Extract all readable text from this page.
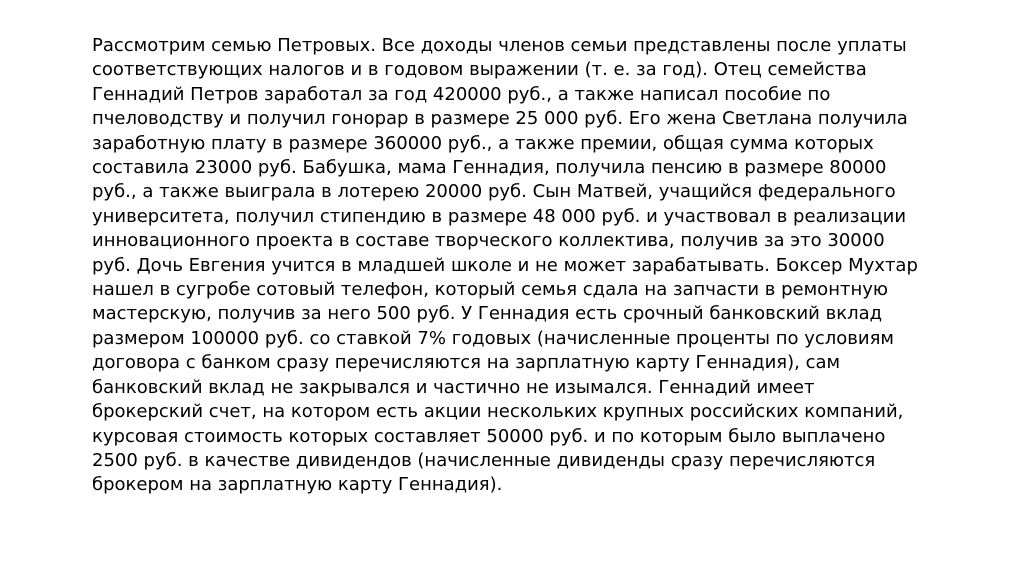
Рассмотрим семью Петровых. Все доходы членов семьи представлены после уплаты
соответствующих налогов и в годовом выражении (т. е. за год). Отец семейства
Геннадий Петров заработал за год 420000 руб., а также написал пособие по
пчеловодству и получил гонорар в размере 25 000 руб. Его жена Светлана получила
заработную плату в размере 360000 руб., а также премии, общая сумма которых
составила 23000 руб. Бабушка, мама Геннадия, получила пенсию в размере 80000
руб., а также выиграла в лотерею 20000 руб. Сын Матвей, учащийся федерального
университета, получил стипендию в размере 48 000 руб. и участвовал в реализации
инновационного проекта в составе творческого коллектива, получив за это 30000
руб. Дочь Евгения учится в младшей школе и не может зарабатывать. Боксер Мухтар
нашел в сугробе сотовый телефон, который семья сдала на запчасти в ремонтную
мастерскую, получив за него 500 руб. У Геннадия есть срочный банковский вклад
размером 100000 руб. со ставкой 7% годовых (начисленные проценты по условиям
договора с банком сразу перечисляются на зарплатную карту Геннадия), сам
банковский вклад не закрывался и частично не изымался. Геннадий имеет
брокерский счет, на котором есть акции нескольких крупных российских компаний,
курсовая стоимость которых составляет 50000 руб. и по которым было выплачено
2500 руб. в качестве дивидендов (начисленные дивиденды сразу перечисляются
брокером на зарплатную карту Геннадия).
